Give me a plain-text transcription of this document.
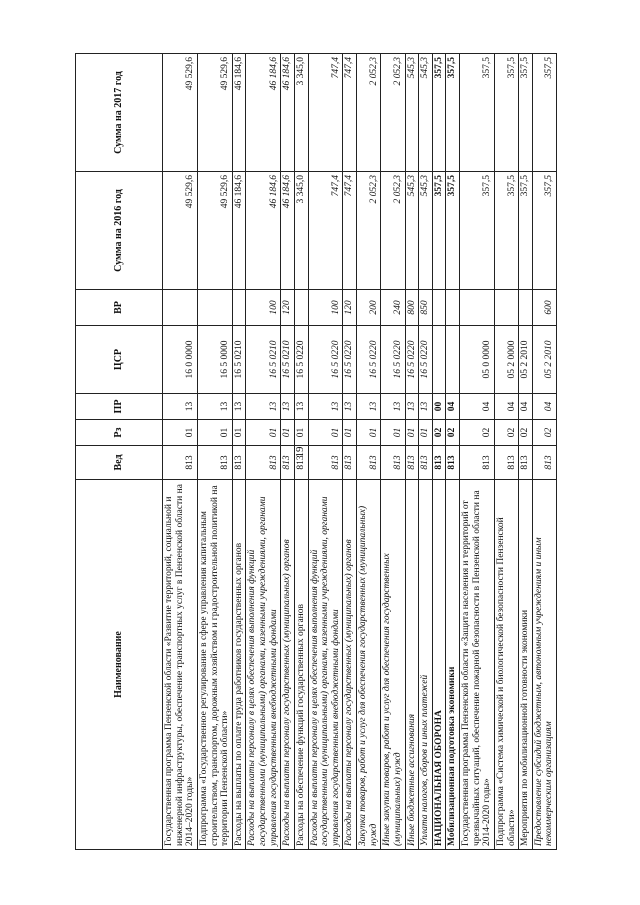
19
Наименование	Вед	Рз	ПР	ЦСР	ВР	Сумма на 2016 год	Сумма на 2017 год
Государственная программа Пензенской области «Развитие территорий, социальной и инженерной инфраструктуры, обеспечение транспортных услуг в Пензенской области на 2014–2020 годы»	813	01	13	16 0 0000		49 529,6	49 529,6
Подпрограмма «Государственное регулирование в сфере управления капитальным строительством, транспортом, дорожным хозяйством и градостроительной политикой на территории Пензенской области»	813	01	13	16 5 0000		49 529,6	49 529,6
Расходы на выплаты по оплате труда работников государственных органов	813	01	13	16 5 0210		46 184,6	46 184,6
Расходы на выплаты персоналу в целях обеспечения выполнения функций государственными (муниципальными) органами, казенными учреждениями, органами управления государственными внебюджетными фондами	813	01	13	16 5 0210	100	46 184,6	46 184,6
Расходы на выплаты персоналу государственных (муниципальных) органов	813	01	13	16 5 0210	120	46 184,6	46 184,6
Расходы на обеспечение функций государственных органов	813	01	13	16 5 0220		3 345,0	3 345,0
Расходы на выплаты персоналу в целях обеспечения выполнения функций государственными (муниципальными) органами, казенными учреждениями, органами управления государственными внебюджетными фондами	813	01	13	16 5 0220	100	747,4	747,4
Расходы на выплаты персоналу государственных (муниципальных) органов	813	01	13	16 5 0220	120	747,4	747,4
Закупка товаров, работ и услуг для обеспечения государственных (муниципальных) нужд	813	01	13	16 5 0220	200	2 052,3	2 052,3
Иные закупки товаров, работ и услуг для обеспечения государственных (муниципальных) нужд	813	01	13	16 5 0220	240	2 052,3	2 052,3
Иные бюджетные ассигнования	813	01	13	16 5 0220	800	545,3	545,3
Уплата налогов, сборов и иных платежей	813	01	13	16 5 0220	850	545,3	545,3
НАЦИОНАЛЬНАЯ ОБОРОНА	813	02	00			357,5	357,5
Мобилизационная подготовка экономики	813	02	04			357,5	357,5
Государственная программа Пензенской области «Защита населения и территорий от чрезвычайных ситуаций, обеспечение пожарной безопасности в Пензенской области на 2014-2020 годы»	813	02	04	05 0 0000		357,5	357,5
Подпрограмма «Система химической и биологической безопасности Пензенской области»	813	02	04	05 2 0000		357,5	357,5
Мероприятия по мобилизационной готовности экономики	813	02	04	05 2 2010		357,5	357,5
Предоставление субсидий бюджетным, автономным учреждениям и иным некоммерческим организациям	813	02	04	05 2 2010	600	357,5	357,5
